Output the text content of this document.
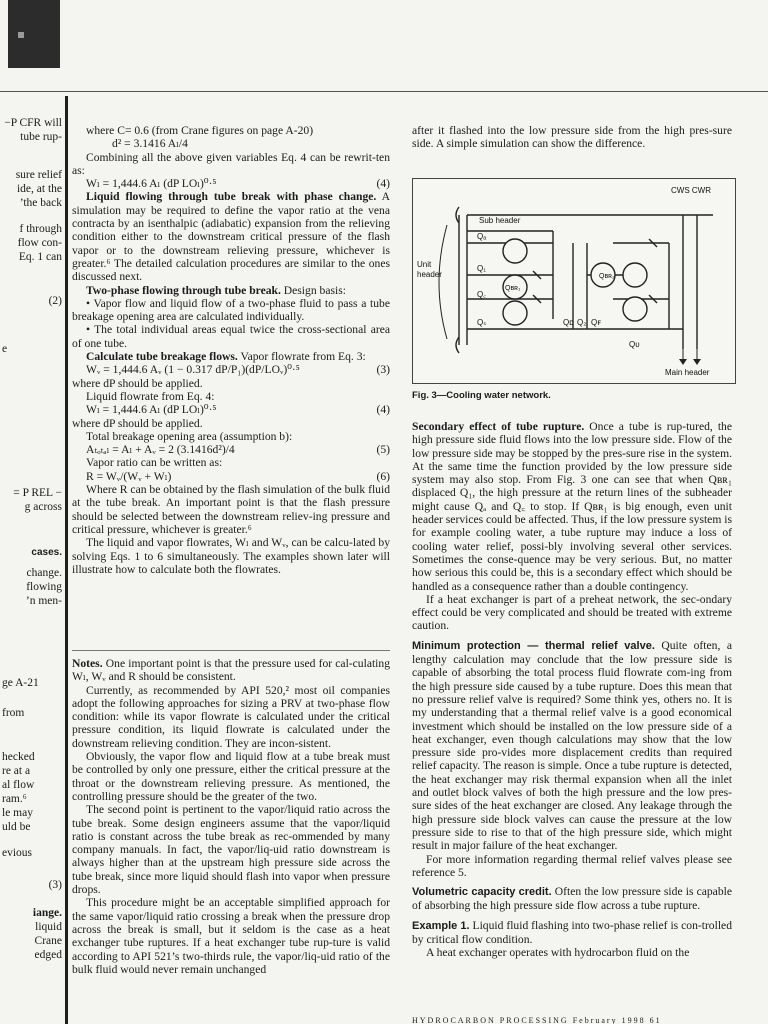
−P CFR will
tube rup-
sure relief
ide, at the
’the back
f through
flow con-
Eq. 1 can
(2)
e
= P REL −
g across
cases.
change.
flowing
’n men-
ge A-21
from
hecked
re at a
al flow
ram.⁶
le may
uld be
evious
(3)
iange.
liquid
Crane
edged

where C= 0.6 (from Crane figures on page A-20)

d² = 3.1416 Aₗ/4

Combining all the above given variables Eq. 4 can be rewrit-ten as:

Wₗ = 1,444.6 Aₗ (dP LOₗ)⁰·⁵	(4)

Liquid flowing through tube break with phase change. A simulation may be required to define the vapor ratio at the vena contracta by an isenthalpic (adiabatic) expansion from the relieving condition either to the downstream critical pressure of the flash vapor or to the downstream relieving pressure, whichever is greater.⁶ The detailed calculation procedures are similar to the ones discussed next.

Two-phase flowing through tube break. Design basis:

• Vapor flow and liquid flow of a two-phase fluid to pass a tube breakage opening area are calculated individually.

• The total individual areas equal twice the cross-sectional area of one tube.

Calculate tube breakage flows. Vapor flowrate from Eq. 3:

Wᵥ = 1,444.6 Aᵥ (1 − 0.317 dP/P₁)(dP/LOᵥ)⁰·⁵	(3)

where dP should be applied.

Liquid flowrate from Eq. 4:

Wₗ = 1,444.6 Aₗ (dP LOₗ)⁰·⁵	(4)

where dP should be applied.

Total breakage opening area (assumption b):

Aₜₒₜₐₗ = Aₗ + Aᵥ = 2 (3.1416d²)/4	(5)

Vapor ratio can be written as:

R = Wᵥ/(Wᵥ + Wₗ)	(6)

Where R can be obtained by the flash simulation of the bulk fluid at the tube break. An important point is that the flash pressure should be selected between the downstream reliev-ing pressure and critical pressure, whichever is greater.⁶

The liquid and vapor flowrates, Wₗ and Wᵥ, can be calcu-lated by solving Eqs. 1 to 6 simultaneously. The examples shown later will illustrate how to calculate both the flowrates.

Notes. One important point is that the pressure used for cal-culating Wₗ, Wᵥ and R should be consistent.

Currently, as recommended by API 520,² most oil companies adopt the following approaches for sizing a PRV at two-phase flow condition: while its vapor flowrate is calculated under the critical pressure condition, its liquid flowrate is calculated under the downstream relieving condition. They are incon-sistent.

Obviously, the vapor flow and liquid flow at a tube break must be controlled by only one pressure, either the critical pressure at the throat or the downstream relieving pressure. As mentioned, the controlling pressure should be the greater of the two.

The second point is pertinent to the vapor/liquid ratio across the tube break. Some design engineers assume that the vapor/liquid ratio is constant across the tube break as rec-ommended by many company manuals. In fact, the vapor/liq-uid ratio downstream is always higher than at the upstream high pressure side across the tube break, since more liquid should flash into vapor when pressure drops.

This procedure might be an acceptable simplified approach for the same vapor/liquid ratio crossing a break when the pressure drop across the break is small, but it seldom is the case as a heat exchanger tube ruptures. If a heat exchanger tube rup-ture is valid according to API 521’s two-thirds rule, the vapor/liq-uid ratio of the bulk fluid would never remain unchanged

after it flashed into the low pressure side from the high pres-sure side. A simple simulation can show the difference.

CWS CWR
Sub header
Qₐ
Unit
header
Q₁
Qʙʀ₁
Qʙʀ₂
Q꜀
Qₛ	Qᴅ Q₂ Qꜰ
Qᴜ
Main header
Fig. 3—Cooling water network.

Secondary effect of tube rupture. Once a tube is rup-tured, the high pressure side fluid flows into the low pressure side. Flow of the low pressure side may be stopped by the pres-sure rise in the system. At the same time the function provided by the low pressure side system may also stop. From Fig. 3 one can see that when Qʙʀ₁ displaced Q₁, the high pressure at the return lines of the subheader might cause Qₐ and Q꜀ to stop. If Qʙʀ₁ is big enough, even unit header services could be affected. Thus, if the low pressure system is for example cooling water, a tube rupture may induce a loss of cooling water relief, possi-bly involving several other services. Sometimes the conse-quence may be very serious. But, no matter how serious this could be, this is a secondary effect which should be handled as a consequence rather than a double contingency.

If a heat exchanger is part of a preheat network, the sec-ondary effect could be very complicated and should be treated with extreme caution.

Minimum protection — thermal relief valve. Quite often, a lengthy calculation may conclude that the low pressure side is capable of absorbing the total process fluid flowrate com-ing from the high pressure side caused by a tube rupture. Does this mean that no pressure relief valve is required? Some think yes, others no. It is my understanding that a thermal relief valve is a good economical investment which should be installed on the low pressure side of a heat exchanger, even though calculations may show that the low pressure side pro-vides more displacement credits than required relief capacity. The reason is simple. Once a tube rupture is detected, the heat exchanger may risk thermal expansion when all the inlet and outlet block valves of both the high pressure and the low pres-sure sides of the heat exchanger are closed. Any leakage through the high pressure side block valves can cause the pressure at the low pressure side to rise to that of the high pressure side, which might result in major failure of the heat exchanger.

For more information regarding thermal relief valves please see reference 5.

Volumetric capacity credit. Often the low pressure side is capable of absorbing the high pressure side flow across a tube rupture.

Example 1. Liquid fluid flashing into two-phase relief is con-trolled by critical flow condition.

A heat exchanger operates with hydrocarbon fluid on the

HYDROCARBON PROCESSING February 1998 61
